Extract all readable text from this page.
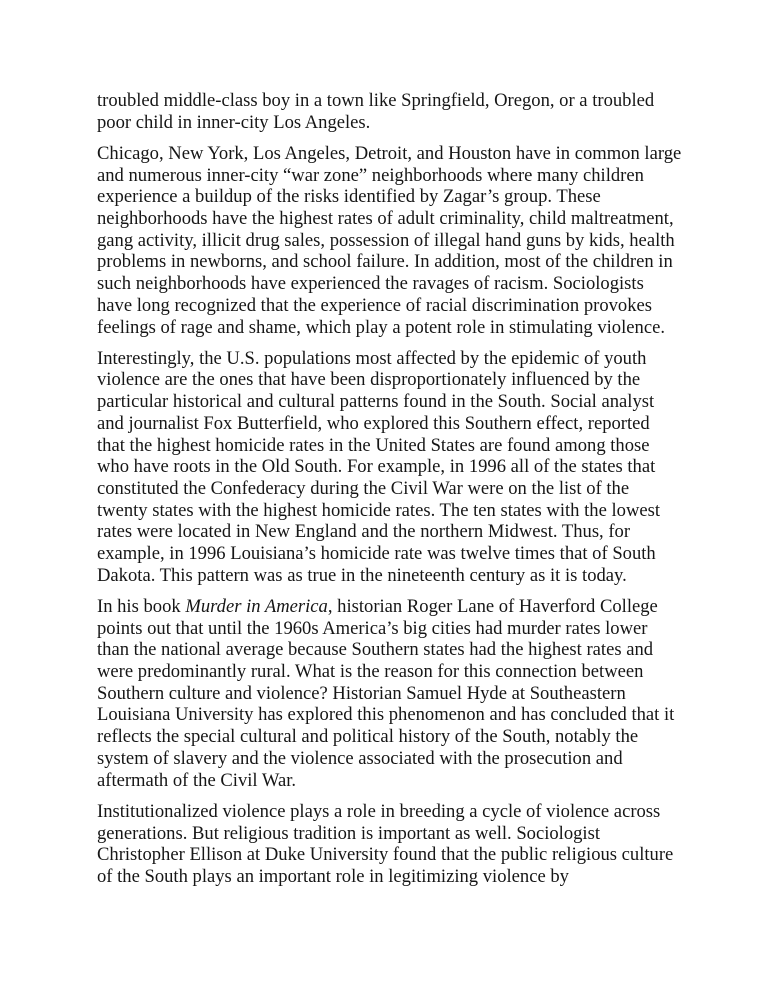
troubled middle-class boy in a town like Springfield, Oregon, or a troubled poor child in inner-city Los Angeles.

Chicago, New York, Los Angeles, Detroit, and Houston have in common large and numerous inner-city “war zone” neighborhoods where many children experience a buildup of the risks identified by Zagar’s group. These neighborhoods have the highest rates of adult criminality, child maltreatment, gang activity, illicit drug sales, possession of illegal hand guns by kids, health problems in newborns, and school failure. In addition, most of the children in such neighborhoods have experienced the ravages of racism. Sociologists have long recognized that the experience of racial discrimination provokes feelings of rage and shame, which play a potent role in stimulating violence.

Interestingly, the U.S. populations most affected by the epidemic of youth violence are the ones that have been disproportionately influenced by the particular historical and cultural patterns found in the South. Social analyst and journalist Fox Butterfield, who explored this Southern effect, reported that the highest homicide rates in the United States are found among those who have roots in the Old South. For example, in 1996 all of the states that constituted the Confederacy during the Civil War were on the list of the twenty states with the highest homicide rates. The ten states with the lowest rates were located in New England and the northern Midwest. Thus, for example, in 1996 Louisiana’s homicide rate was twelve times that of South Dakota. This pattern was as true in the nineteenth century as it is today.

In his book Murder in America, historian Roger Lane of Haverford College points out that until the 1960s America’s big cities had murder rates lower than the national average because Southern states had the highest rates and were predominantly rural. What is the reason for this connection between Southern culture and violence? Historian Samuel Hyde at Southeastern Louisiana University has explored this phenomenon and has concluded that it reflects the special cultural and political history of the South, notably the system of slavery and the violence associated with the prosecution and aftermath of the Civil War.

Institutionalized violence plays a role in breeding a cycle of violence across generations. But religious tradition is important as well. Sociologist Christopher Ellison at Duke University found that the public religious culture of the South plays an important role in legitimizing violence by
